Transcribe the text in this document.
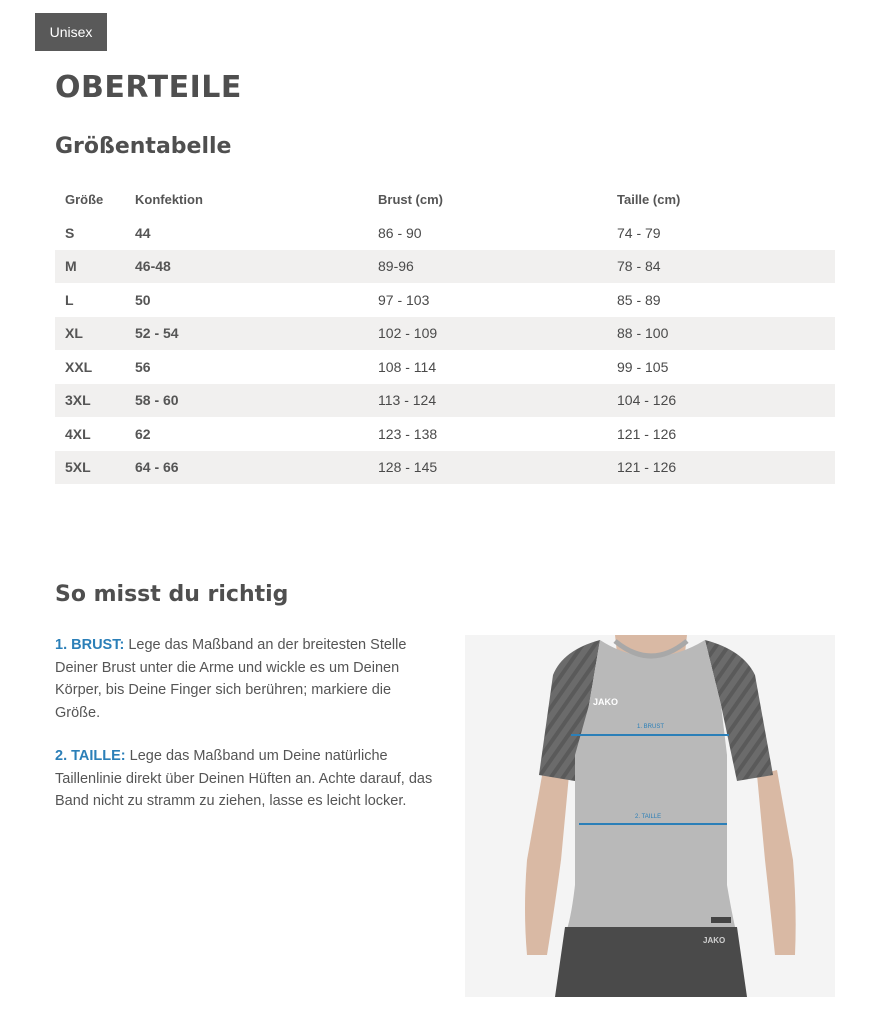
Unisex
OBERTEILE
Größentabelle
Größe	Konfektion	Brust (cm)	Taille (cm)
S	44	86 - 90	74 - 79
M	46-48	89-96	78 - 84
L	50	97 - 103	85 - 89
XL	52 - 54	102 - 109	88 - 100
XXL	56	108 - 114	99 - 105
3XL	58 - 60	113 - 124	104 - 126
4XL	62	123 - 138	121 - 126
5XL	64 - 66	128 - 145	121 - 126
So misst du richtig

1. BRUST: Lege das Maßband an der breitesten Stelle Deiner Brust unter die Arme und wickle es um Deinen Körper, bis Deine Finger sich berühren; markiere die Größe.

2. TAILLE: Lege das Maßband um Deine natürliche Taillenlinie direkt über Deinen Hüften an. Achte darauf, das Band nicht zu stramm zu ziehen, lasse es leicht locker.

JAKO
JAKO
1. BRUST
2. TAILLE
